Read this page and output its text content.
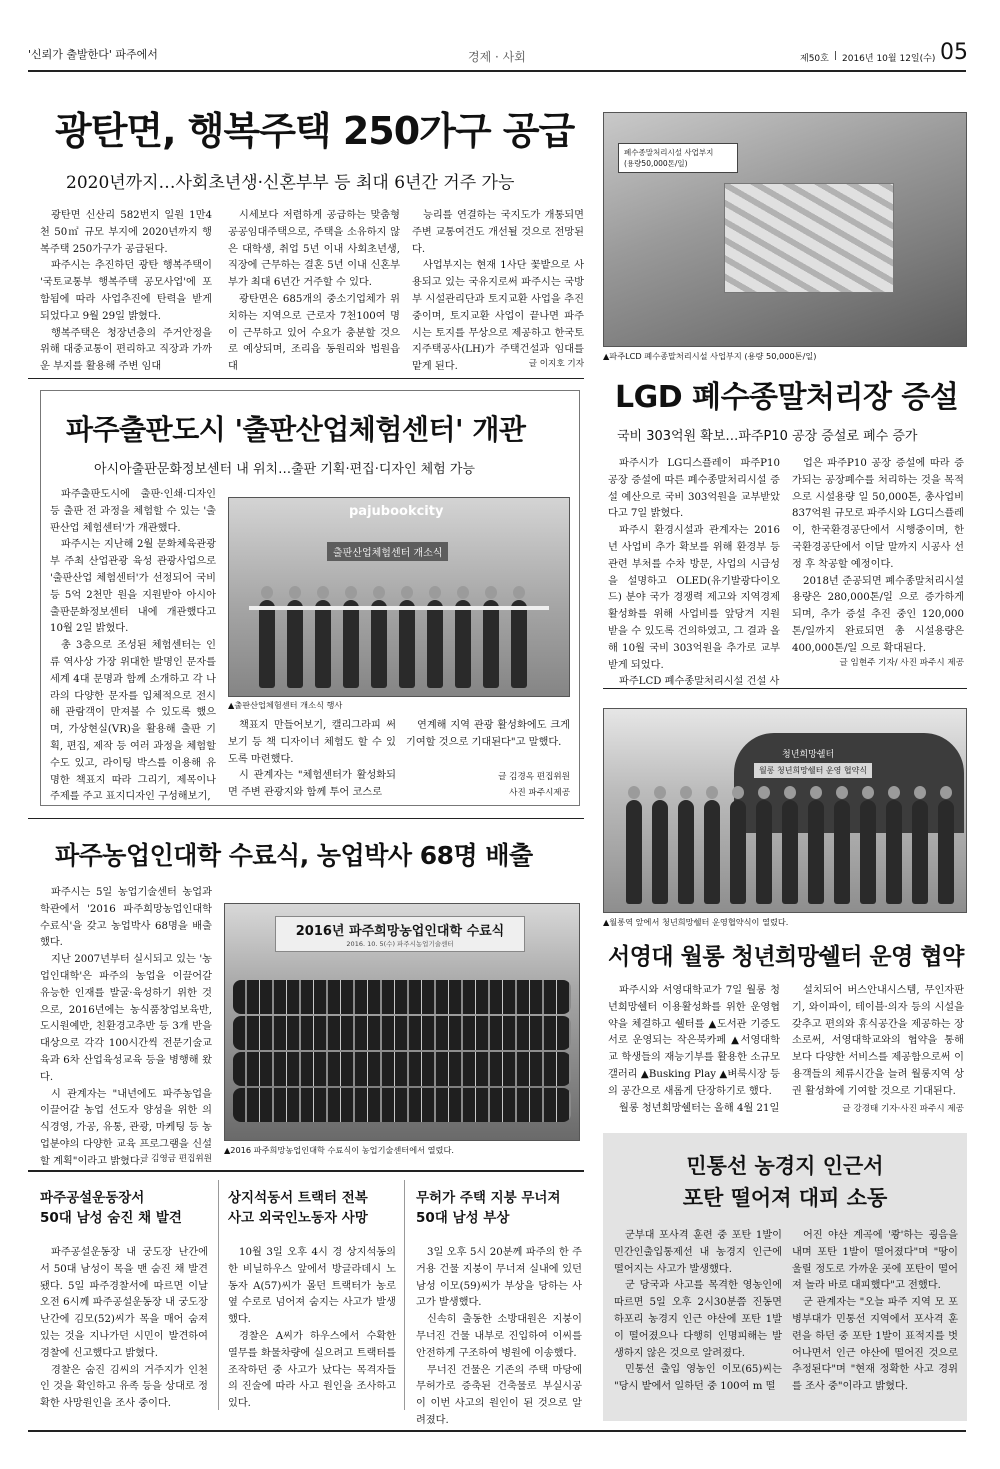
'신뢰가 출발한다' 파주에서	경제 · 사회	제50호 | 2016년 10월 12일(수) 05
광탄면, 행복주택 250가구 공급
2020년까지…사회초년생·신혼부부 등 최대 6년간 거주 가능

광탄면 신산리 582번지 일원 1만4천 50㎡ 규모 부지에 2020년까지 행복주택 250가구가 공급된다.

파주시는 추진하던 광탄 행복주택이 '국토교통부 행복주택 공모사업'에 포함됨에 따라 사업추진에 탄력을 받게 되었다고 9월 29일 밝혔다.

행복주택은 청장년층의 주거안정을 위해 대중교통이 편리하고 직장과 가까운 부지를 활용해 주변 임대

시세보다 저렴하게 공급하는 맞춤형 공공임대주택으로, 주택을 소유하지 않은 대학생, 취업 5년 이내 사회초년생, 직장에 근무하는 결혼 5년 이내 신혼부부가 최대 6년간 거주할 수 있다.

광탄면은 685개의 중소기업체가 위치하는 지역으로 근로자 7천100여 명이 근무하고 있어 수요가 충분할 것으로 예상되며, 조리읍 동원리와 법원읍 대

능리를 연결하는 국지도가 개통되면 주변 교통여건도 개선될 것으로 전망된다.

사업부지는 현재 1사단 꽃밭으로 사용되고 있는 국유지로써 파주시는 국방부 시설관리단과 토지교환 사업을 추진 중이며, 토지교환 사업이 끝나면 파주시는 토지를 무상으로 제공하고 한국토지주택공사(LH)가 주택건설과 임대를 맡게 된다.	글 이지호 기자
폐수종말처리시설 사업부지
(용량50,000톤/일)
▲파주LCD 폐수종말처리시설 사업부지 (용량 50,000톤/일)
LGD 폐수종말처리장 증설
국비 303억원 확보…파주P10 공장 증설로 폐수 증가

파주시가 LG디스플레이 파주P10 공장 증설에 따른 폐수종말처리시설 증설 예산으로 국비 303억원을 교부받았다고 7일 밝혔다.

파주시 환경시설과 관계자는 2016년 사업비 추가 확보를 위해 환경부 등 관련 부처를 수차 방문, 사업의 시급성을 설명하고 OLED(유기발광다이오드) 분야 국가 경쟁력 제고와 지역경제 활성화를 위해 사업비를 앞당겨 지원 받을 수 있도록 건의하였고, 그 결과 올해 10월 국비 303억원을 추가로 교부받게 되었다.

파주LCD 폐수종말처리시설 건설 사

업은 파주P10 공장 증설에 따라 증가되는 공장폐수를 처리하는 것을 목적으로 시설용량 일 50,000톤, 총사업비 837억원 규모로 파주시와 LG디스플레이, 한국환경공단에서 시행중이며, 한국환경공단에서 이달 말까지 시공사 선정 후 착공할 예정이다.

2018년 준공되면 폐수종말처리시설 용량은 280,000톤/일 으로 증가하게 되며, 추가 증설 추진 중인 120,000톤/일까지 완료되면 총 시설용량은 400,000톤/일 으로 확대된다.

글 임현주 기자/ 사진 파주시 제공
파주출판도시 '출판산업체험센터' 개관
아시아출판문화정보센터 내 위치…출판 기획·편집·디자인 체험 가능

파주출판도시에 출판·인쇄·디자인 등 출판 전 과정을 체험할 수 있는 '출판산업 체험센터'가 개관했다.

파주시는 지난해 2월 문화체육관광부 주최 산업관광 육성 관광사업으로 '출판산업 체험센터'가 선정되어 국비 등 5억 2천만 원을 지원받아 아시아출판문화정보센터 내에 개관했다고 10월 2일 밝혔다.

총 3층으로 조성된 체험센터는 인류 역사상 가장 위대한 발명인 문자를 세계 4대 문명과 함께 소개하고 각 나라의 다양한 문자를 입체적으로 전시해 관람객이 만져볼 수 있도록 했으며, 가상현실(VR)을 활용해 출판 기획, 편집, 제작 등 여러 과정을 체험할 수도 있고, 라이팅 박스를 이용해 유명한 책표지 따라 그리기, 제목이나 주제를 주고 표지디자인 구성해보기,

pajubookcity
출판산업체험센터 개소식
▲출판산업체험센터 개소식 행사

책표지 만들어보기, 캘리그라피 써보기 등 책 디자이너 체험도 할 수 있도록 마련했다.

시 관계자는 "체험센터가 활성화되면 주변 관광지와 함께 투어 코스로

연계해 지역 관광 활성화에도 크게 기여할 것으로 기대된다"고 말했다.

글 김경옥 편집위원
사진 파주시제공
청년희망쉘터
월롱 청년희망쉘터 운영 협약식
▲월롱역 앞에서 청년희망쉘터 운영협약식이 열렸다.
서영대 월롱 청년희망쉘터 운영 협약

파주시와 서영대학교가 7일 월롱 청년희망쉘터 이용활성화를 위한 운영협약을 체결하고 쉘터를 ▲도서관 기증도서로 운영되는 작은북카페 ▲서영대학교 학생들의 재능기부를 활용한 소규모 갤러리 ▲Busking Play ▲벼룩시장 등의 공간으로 새롭게 단장하기로 했다.

월롱 청년희망쉘터는 올해 4월 21일

설치되어 버스안내시스템, 무인자판기, 와이파이, 테이블·의자 등의 시설을 갖추고 편의와 휴식공간을 제공하는 장소로써, 서영대학교와의 협약을 통해 보다 다양한 서비스를 제공함으로써 이용객들의 체류시간을 늘려 월롱지역 상권 활성화에 기여할 것으로 기대된다.

글 강경태 기자·사진 파주시 제공
파주농업인대학 수료식, 농업박사 68명 배출

파주시는 5일 농업기술센터 농업과학관에서 '2016 파주희망농업인대학 수료식'을 갖고 농업박사 68명을 배출했다.

지난 2007년부터 실시되고 있는 '농업인대학'은 파주의 농업을 이끌어갈 유능한 인재를 발굴·육성하기 위한 것으로, 2016년에는 농식품창업보육반, 도시원예반, 친환경고추반 등 3개 반을 대상으로 각각 100시간씩 전문기술교육과 6차 산업육성교육 등을 병행해 왔다.

시 관계자는 "내년에도 파주농업을 이끌어갈 농업 선도자 양성을 위한 의식경영, 가공, 유통, 관광, 마케팅 등 농업분야의 다양한 교육 프로그램을 신설할 계획"이라고 밝혔다.

글 김영금 편집위원
2016년 파주희망농업인대학 수료식
2016. 10. 5(수) 파주시농업기술센터
▲2016 파주희망농업인대학 수료식이 농업기술센터에서 열렸다.
파주공설운동장서
50대 남성 숨진 채 발견

파주공설운동장 내 궁도장 난간에서 50대 남성이 목을 맨 숨진 채 발견됐다. 5일 파주경찰서에 따르면 이날 오전 6시께 파주공설운동장 내 궁도장 난간에 김모(52)씨가 목을 매어 숨져 있는 것을 지나가던 시민이 발견하여 경찰에 신고했다고 밝혔다.

경찰은 숨진 김씨의 거주지가 인천인 것을 확인하고 유족 등을 상대로 정확한 사망원인을 조사 중이다.

상지석동서 트랙터 전복
사고 외국인노동자 사망

10월 3일 오후 4시 경 상지석동의 한 비닐하우스 앞에서 방글라데시 노동자 A(57)씨가 몰던 트랙터가 농로 옆 수로로 넘어져 숨지는 사고가 발생했다.

경찰은 A씨가 하우스에서 수확한 열무를 화물차량에 실으려고 트랙터를 조작하던 중 사고가 났다는 목격자들의 진술에 따라 사고 원인을 조사하고 있다.

무허가 주택 지붕 무너져
50대 남성 부상

3일 오후 5시 20분께 파주의 한 주거용 건물 지붕이 무너져 실내에 있던 남성 이모(59)씨가 부상을 당하는 사고가 발생했다.

신속히 출동한 소방대원은 지붕이 무너진 건물 내부로 진입하여 이씨를 안전하게 구조하여 병원에 이송했다.

무너진 건물은 기존의 주택 마당에 무허가로 증축된 건축물로 부실시공이 이번 사고의 원인이 된 것으로 알려졌다.

민통선 농경지 인근서
포탄 떨어져 대피 소동

군부대 포사격 훈련 중 포탄 1발이 민간인출입통제선 내 농경지 인근에 떨어지는 사고가 발생했다.

군 당국과 사고를 목격한 영농인에 따르면 5일 오후 2시30분쯤 진동면 하포리 농경지 인근 야산에 포탄 1발이 떨어졌으나 다행히 인명피해는 발생하지 않은 것으로 알려졌다.

민통선 출입 영농인 이모(65)씨는 "당시 밭에서 일하던 중 100여 m 떨

어진 야산 계곡에 '쾅'하는 굉음을 내며 포탄 1발이 떨어졌다"며 "땅이 울릴 정도로 가까운 곳에 포탄이 떨어져 놀라 바로 대피했다"고 전했다.

군 관계자는 "오늘 파주 지역 모 포병부대가 민통선 지역에서 포사격 훈련을 하던 중 포탄 1발이 표적지를 벗어나면서 인근 야산에 떨어진 것으로 추정된다"며 "현재 정확한 사고 경위를 조사 중"이라고 밝혔다.
